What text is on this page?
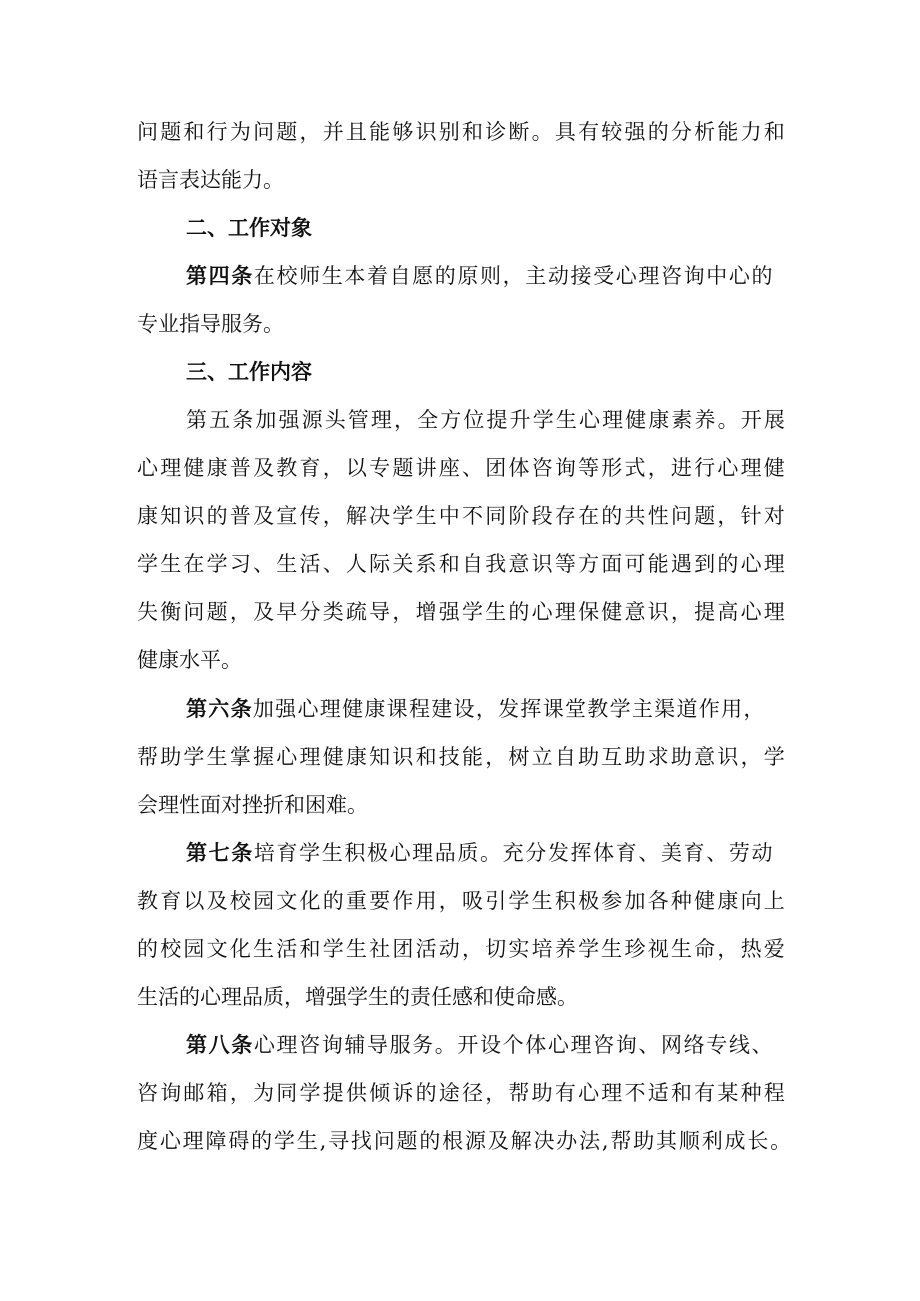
问题和行为问题，并且能够识别和诊断。具有较强的分析能力和
语言表达能力。
二、工作对象
第四条在校师生本着自愿的原则，主动接受心理咨询中心的
专业指导服务。
三、工作内容
第五条加强源头管理，全方位提升学生心理健康素养。开展
心理健康普及教育，以专题讲座、团体咨询等形式，进行心理健
康知识的普及宣传，解决学生中不同阶段存在的共性问题，针对
学生在学习、生活、人际关系和自我意识等方面可能遇到的心理
失衡问题，及早分类疏导，增强学生的心理保健意识，提高心理
健康水平。
第六条加强心理健康课程建设，发挥课堂教学主渠道作用，
帮助学生掌握心理健康知识和技能，树立自助互助求助意识，学
会理性面对挫折和困难。
第七条培育学生积极心理品质。充分发挥体育、美育、劳动
教育以及校园文化的重要作用，吸引学生积极参加各种健康向上
的校园文化生活和学生社团活动，切实培养学生珍视生命，热爱
生活的心理品质，增强学生的责任感和使命感。
第八条心理咨询辅导服务。开设个体心理咨询、网络专线、
咨询邮箱，为同学提供倾诉的途径，帮助有心理不适和有某种程
度心理障碍的学生,寻找问题的根源及解决办法,帮助其顺利成长。
